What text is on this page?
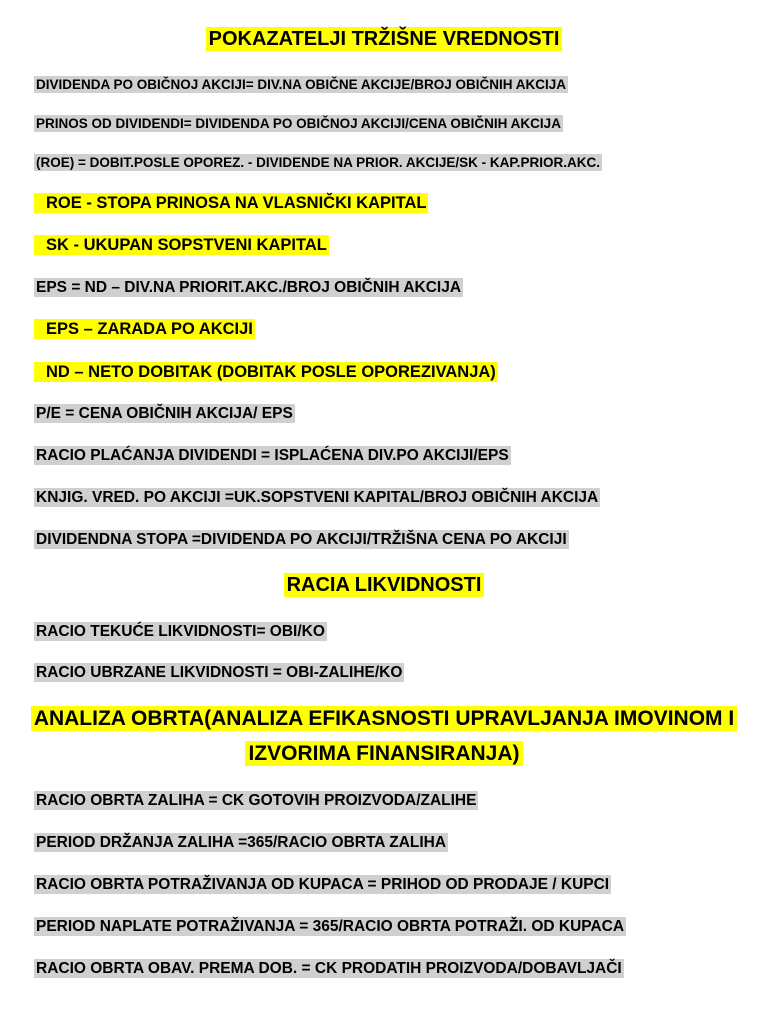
POKAZATELJI TRŽIŠNE VREDNOSTI
DIVIDENDA PO OBIČNOJ AKCIJI= DIV.NA OBIČNE AKCIJE/BROJ OBIČNIH AKCIJA
PRINOS OD DIVIDENDI= DIVIDENDA PO OBIČNOJ AKCIJI/CENA OBIČNIH AKCIJA
(ROE) = DOBIT.POSLE OPOREZ. - DIVIDENDE NA PRIOR. AKCIJE/SK - KAP.PRIOR.AKC.
ROE - STOPA PRINOSA NA VLASNIČKI KAPITAL
SK - UKUPAN SOPSTVENI KAPITAL
EPS = ND – DIV.NA PRIORIT.AKC./BROJ OBIČNIH AKCIJA
EPS – ZARADA PO AKCIJI
ND – NETO DOBITAK (DOBITAK POSLE OPOREZIVANJA)
P/E = CENA OBIČNIH AKCIJA/ EPS
RACIO PLAĆANJA DIVIDENDI = ISPLAĆENA DIV.PO AKCIJI/EPS
KNJIG. VRED. PO AKCIJI =UK.SOPSTVENI KAPITAL/BROJ OBIČNIH AKCIJA
DIVIDENDNA STOPA =DIVIDENDA PO AKCIJI/TRŽIŠNA CENA PO AKCIJI
RACIA LIKVIDNOSTI
RACIO TEKUĆE LIKVIDNOSTI= OBI/KO
RACIO UBRZANE LIKVIDNOSTI = OBI-ZALIHE/KO
ANALIZA OBRTA(ANALIZA EFIKASNOSTI UPRAVLJANJA IMOVINOM I
IZVORIMA FINANSIRANJA)
RACIO OBRTA ZALIHA = CK GOTOVIH PROIZVODA/ZALIHE
PERIOD DRŽANJA ZALIHA =365/RACIO OBRTA ZALIHA
RACIO OBRTA POTRAŽIVANJA OD KUPACA = PRIHOD OD PRODAJE / KUPCI
PERIOD NAPLATE POTRAŽIVANJA = 365/RACIO OBRTA POTRAŽI. OD KUPACA
RACIO OBRTA OBAV. PREMA DOB. = CK PRODATIH PROIZVODA/DOBAVLJAČI
